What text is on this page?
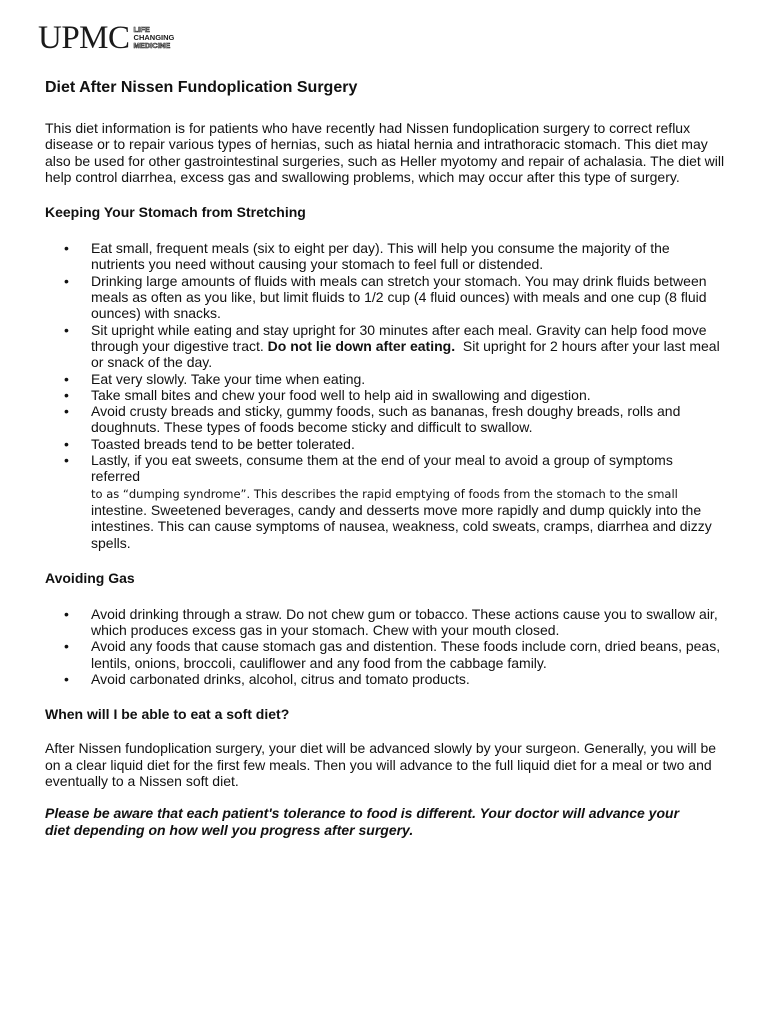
UPMC LIFE
CHANGING
MEDICINE
Diet After Nissen Fundoplication Surgery

This diet information is for patients who have recently had Nissen fundoplication surgery to correct reflux disease or to repair various types of hernias, such as hiatal hernia and intrathoracic stomach. This diet may also be used for other gastrointestinal surgeries, such as Heller myotomy and repair of achalasia. The diet will help control diarrhea, excess gas and swallowing problems, which may occur after this type of surgery.

Keeping Your Stomach from Stretching
• Eat small, frequent meals (six to eight per day). This will help you consume the majority of the nutrients you need without causing your stomach to feel full or distended.
• Drinking large amounts of fluids with meals can stretch your stomach. You may drink fluids between meals as often as you like, but limit fluids to 1/2 cup (4 fluid ounces) with meals and one cup (8 fluid ounces) with snacks.
• Sit upright while eating and stay upright for 30 minutes after each meal. Gravity can help food move through your digestive tract. Do not lie down after eating.  Sit upright for 2 hours after your last meal or snack of the day.
• Eat very slowly. Take your time when eating.
• Take small bites and chew your food well to help aid in swallowing and digestion.
• Avoid crusty breads and sticky, gummy foods, such as bananas, fresh doughy breads, rolls and doughnuts. These types of foods become sticky and difficult to swallow.
• Toasted breads tend to be better tolerated.
• Lastly, if you eat sweets, consume them at the end of your meal to avoid a group of symptoms referred
to as “dumping syndrome”. This describes the rapid emptying of foods from the stomach to the small
intestine. Sweetened beverages, candy and desserts move more rapidly and dump quickly into the intestines. This can cause symptoms of nausea, weakness, cold sweats, cramps, diarrhea and dizzy spells.
Avoiding Gas
• Avoid drinking through a straw. Do not chew gum or tobacco. These actions cause you to swallow air, which produces excess gas in your stomach. Chew with your mouth closed.
• Avoid any foods that cause stomach gas and distention. These foods include corn, dried beans, peas, lentils, onions, broccoli, cauliflower and any food from the cabbage family.
• Avoid carbonated drinks, alcohol, citrus and tomato products.
When will I be able to eat a soft diet?

After Nissen fundoplication surgery, your diet will be advanced slowly by your surgeon. Generally, you will be on a clear liquid diet for the first few meals. Then you will advance to the full liquid diet for a meal or two and eventually to a Nissen soft diet.

Please be aware that each patient's tolerance to food is different. Your doctor will advance your diet depending on how well you progress after surgery.
